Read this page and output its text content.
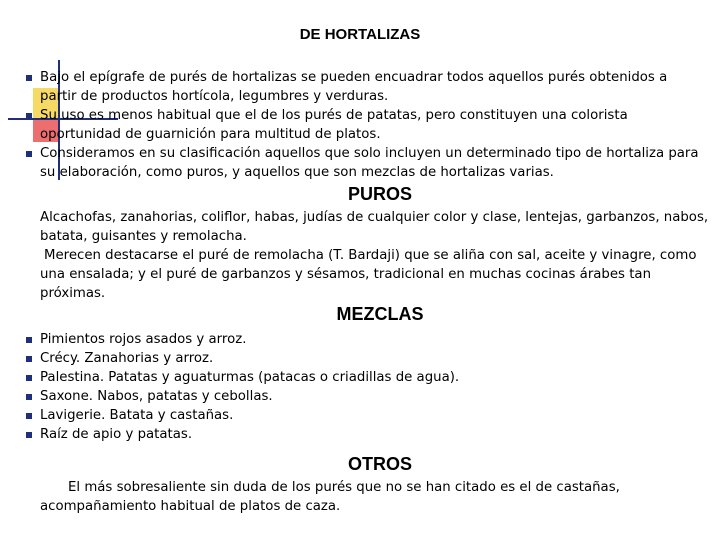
DE HORTALIZAS
Bajo el epígrafe de purés de hortalizas se pueden encuadrar todos aquellos purés obtenidos a partir de productos hortícola, legumbres y verduras.
Su uso es menos habitual que el de los purés de patatas, pero constituyen una colorista oportunidad de guarnición para multitud de platos.
Consideramos en su clasificación aquellos que solo incluyen un determinado tipo de hortaliza para su elaboración, como puros, y aquellos que son mezclas de hortalizas varias.
PUROS

Alcachofas, zanahorias, coliflor, habas, judías de cualquier color y clase, lentejas, garbanzos, nabos, batata, guisantes y remolacha.

Merecen destacarse el puré de remolacha (T. Bardaji) que se aliña con sal, aceite y vinagre, como una ensalada; y el puré de garbanzos y sésamos, tradicional en muchas cocinas árabes tan próximas.

MEZCLAS
Pimientos rojos asados y arroz.
Crécy. Zanahorias y arroz.
Palestina. Patatas y aguaturmas (patacas o criadillas de agua).
Saxone. Nabos, patatas y cebollas.
Lavigerie. Batata y castañas.
Raíz de apio y patatas.
OTROS

El más sobresaliente sin duda de los purés que no se han citado es el de castañas, acompañamiento habitual de platos de caza.
